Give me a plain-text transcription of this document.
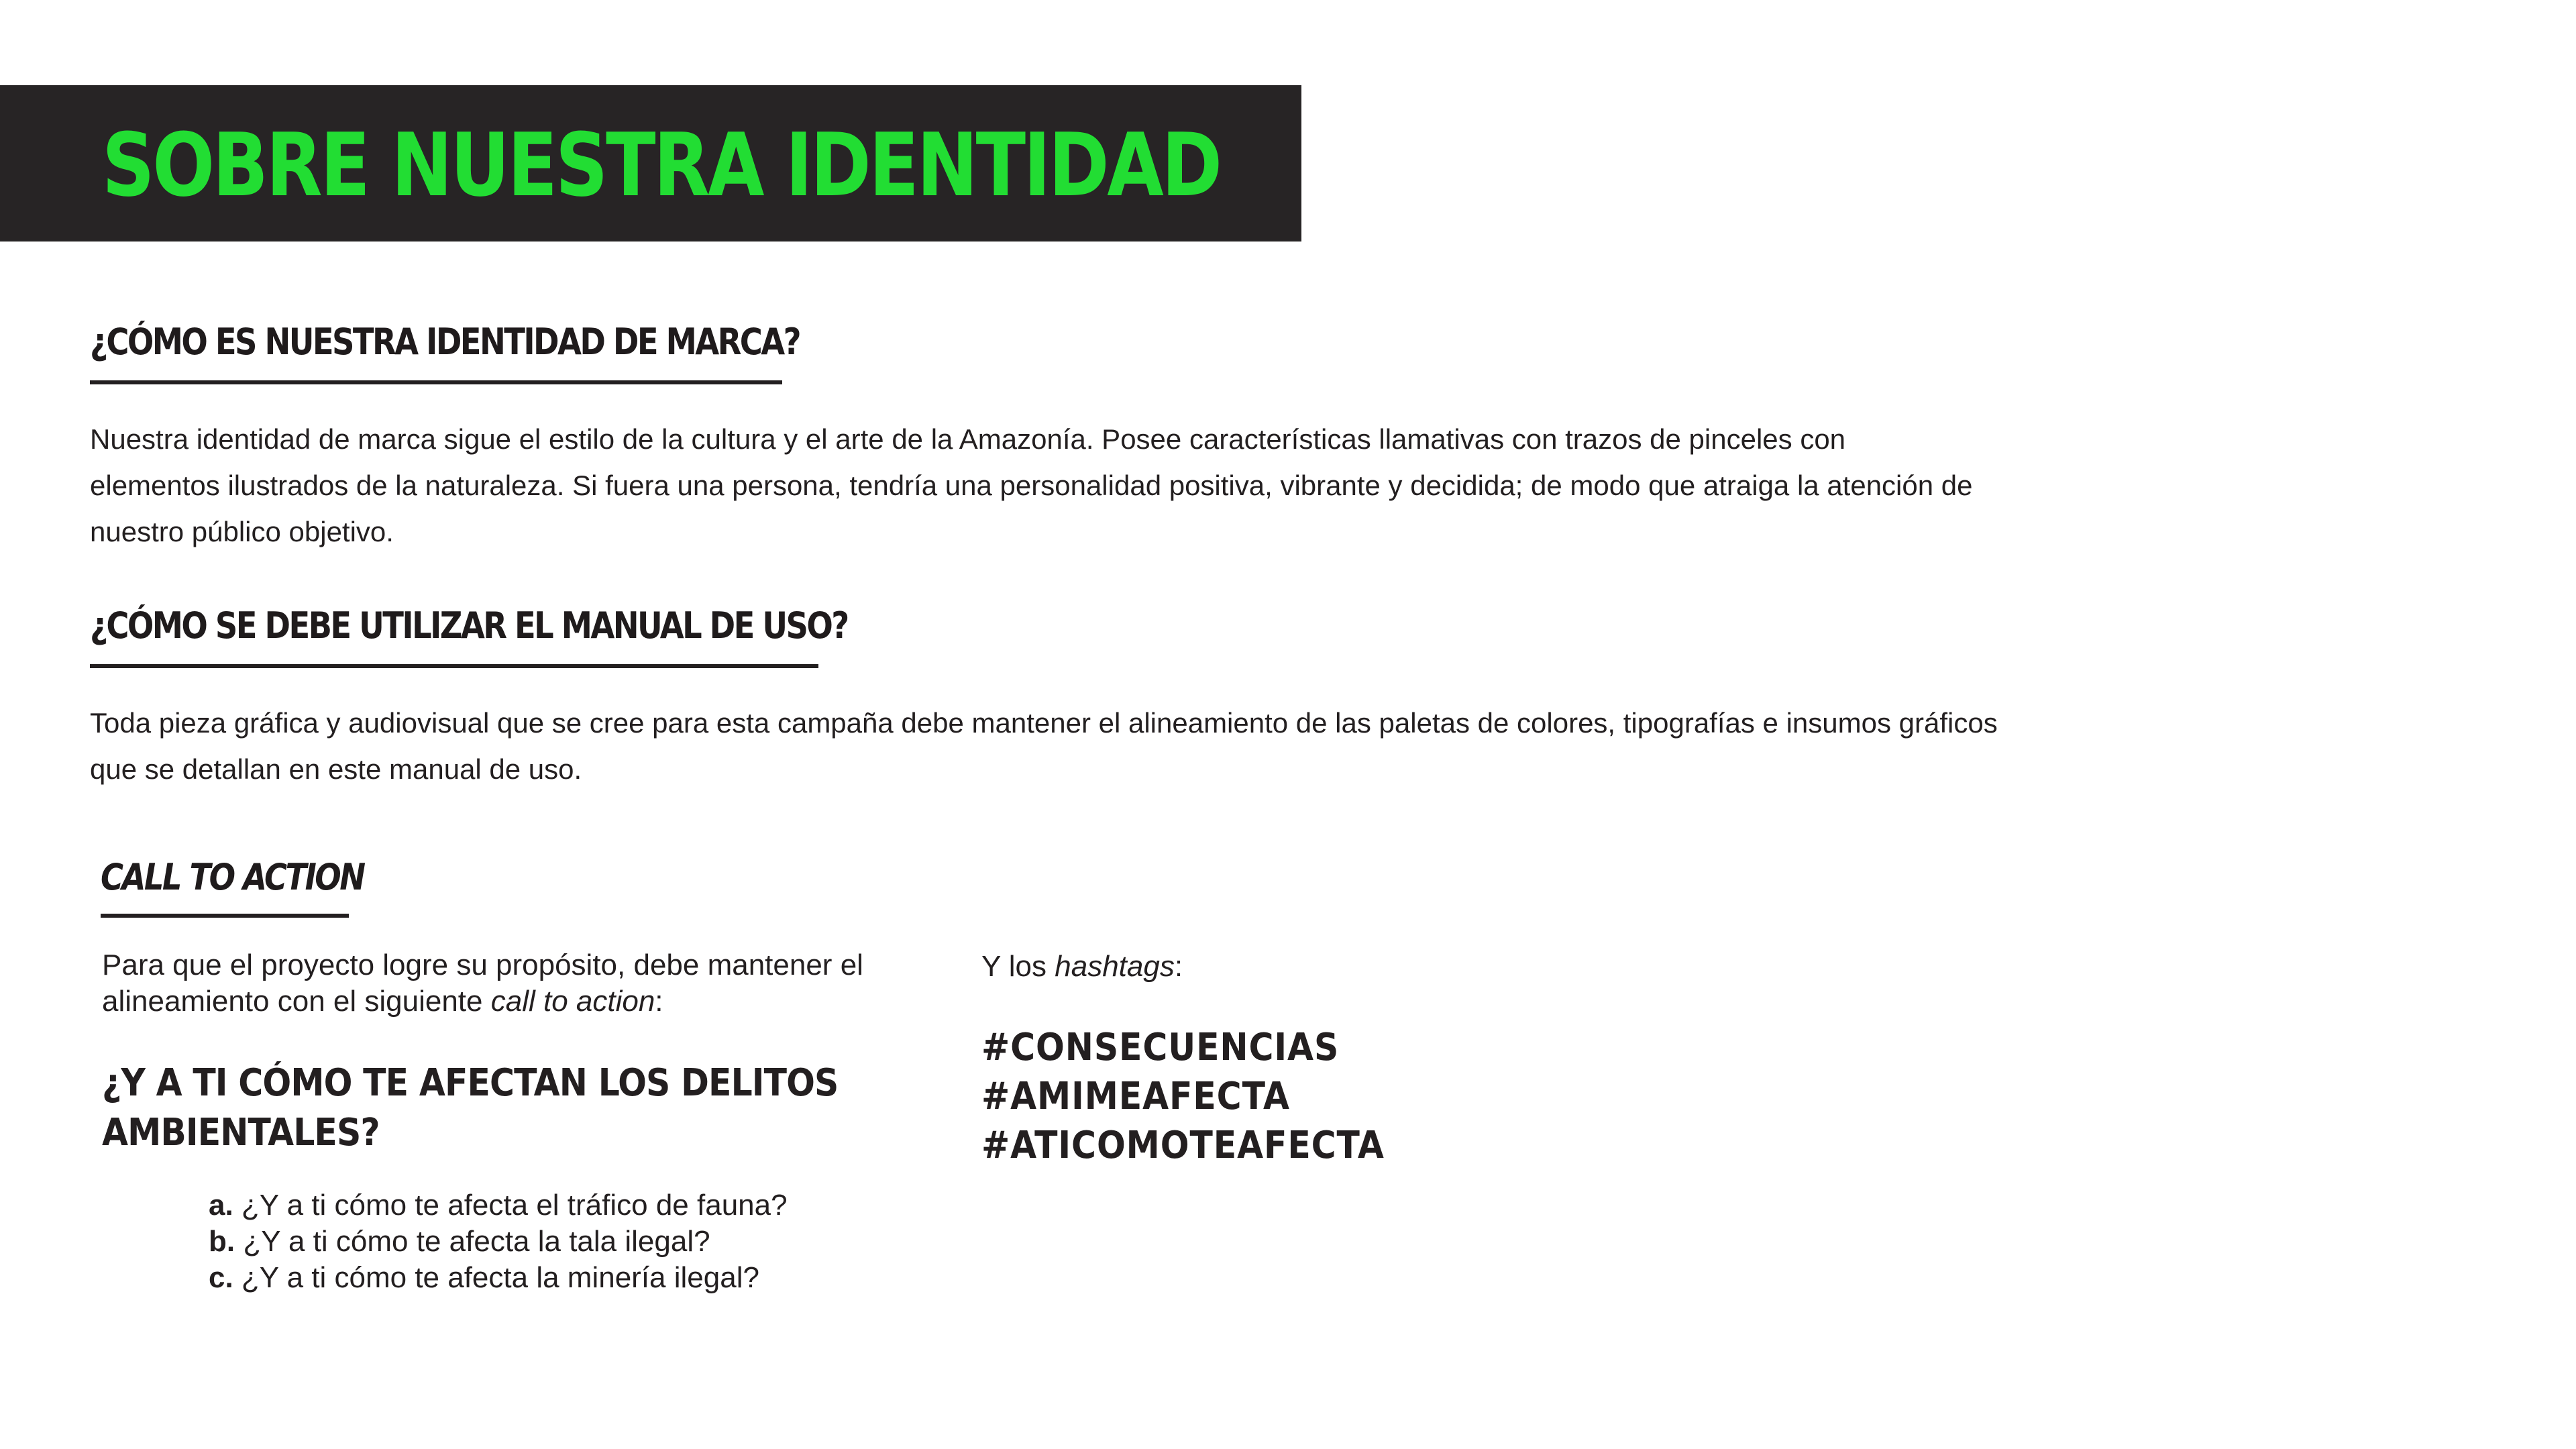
SOBRE NUESTRA IDENTIDAD
¿CÓMO ES NUESTRA IDENTIDAD DE MARCA?
Nuestra identidad de marca sigue el estilo de la cultura y el arte de la Amazonía. Posee características llamativas con trazos de pinceles con
elementos ilustrados de la naturaleza. Si fuera una persona, tendría una personalidad positiva, vibrante y decidida; de modo que atraiga la atención de
nuestro público objetivo.
¿CÓMO SE DEBE UTILIZAR EL MANUAL DE USO?
Toda pieza gráfica y audiovisual que se cree para esta campaña debe mantener el alineamiento de las paletas de colores, tipografías e insumos gráficos
que se detallan en este manual de uso.
CALL TO ACTION
Para que el proyecto logre su propósito, debe mantener el
alineamiento con el siguiente call to action:
¿Y A TI CÓMO TE AFECTAN LOS DELITOS AMBIENTALES?
a. ¿Y a ti cómo te afecta el tráfico de fauna?
b. ¿Y a ti cómo te afecta la tala ilegal?
c. ¿Y a ti cómo te afecta la minería ilegal?
Y los hashtags:
#CONSECUENCIAS
#AMIMEAFECTA
#ATICOMOTEAFECTA
